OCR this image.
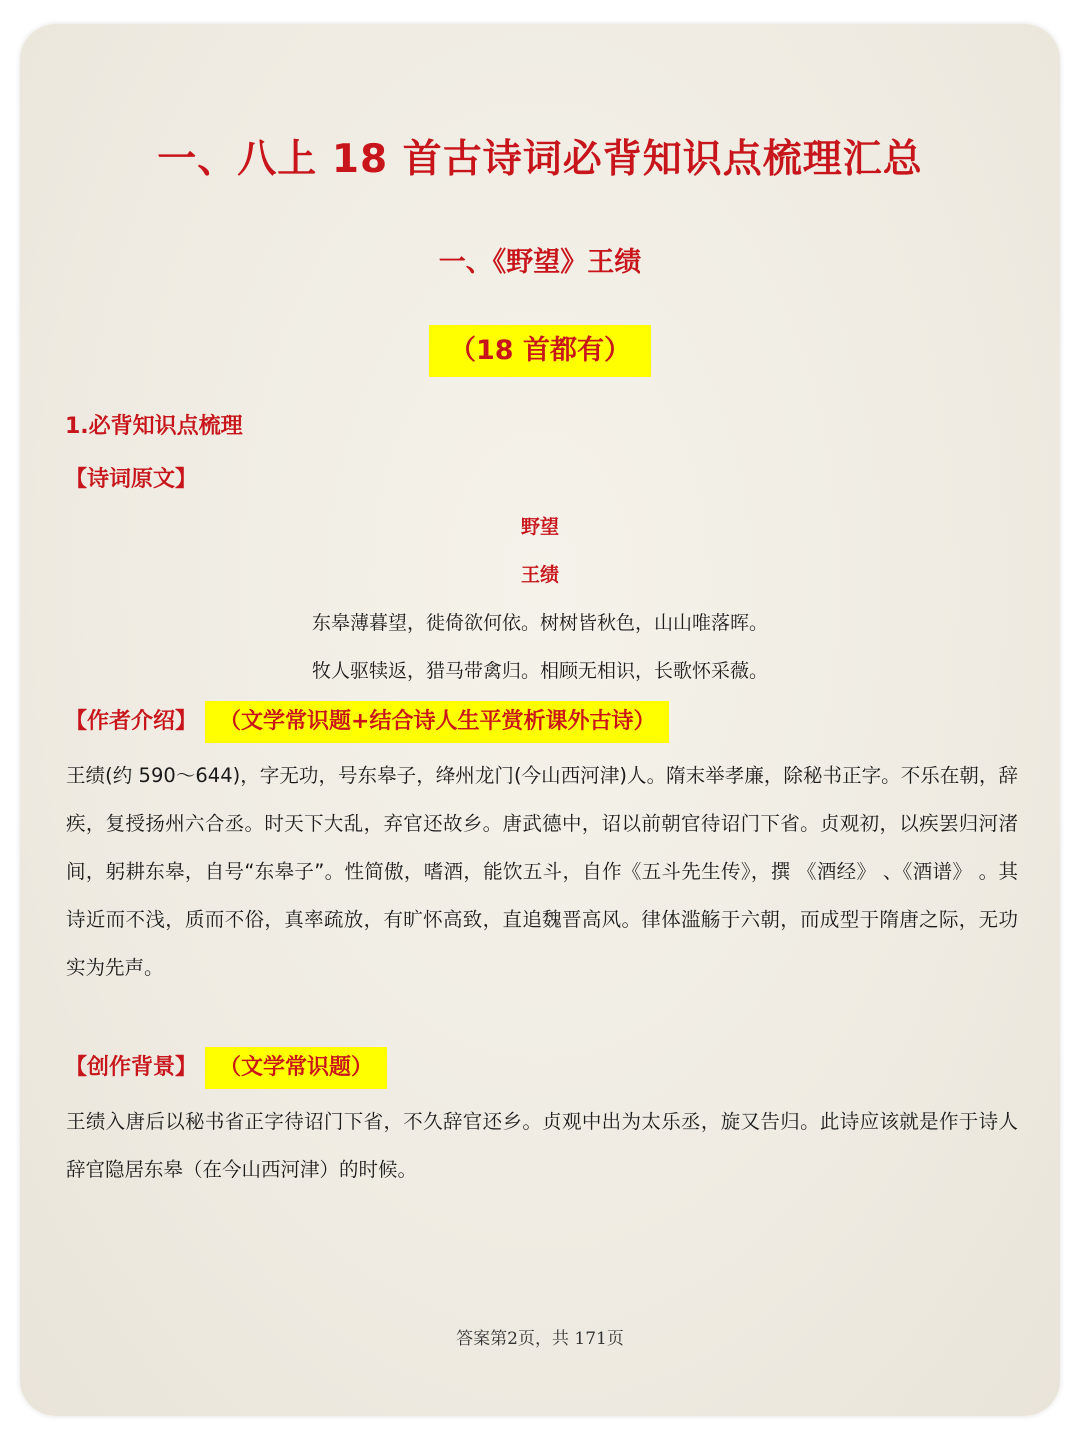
一、八上 18 首古诗词必背知识点梳理汇总
一、《野望》王绩
（18 首都有）
1.必背知识点梳理
【诗词原文】
野望
王绩
东皋薄暮望，徙倚欲何依。树树皆秋色，山山唯落晖。
牧人驱犊返，猎马带禽归。相顾无相识，长歌怀采薇。
【作者介绍】 （文学常识题+结合诗人生平赏析课外古诗）
王绩(约 590～644)，字无功，号东皋子，绛州龙门(今山西河津)人。隋末举孝廉，除秘书正字。不乐在朝，辞疾，复授扬州六合丞。时天下大乱，弃官还故乡。唐武德中，诏以前朝官待诏门下省。贞观初，以疾罢归河渚间，躬耕东皋，自号“东皋子”。性简傲，嗜酒，能饮五斗，自作《五斗先生传》，撰 《酒经》 、《酒谱》 。其诗近而不浅，质而不俗，真率疏放，有旷怀高致，直追魏晋高风。律体滥觞于六朝，而成型于隋唐之际，无功实为先声。
【创作背景】 （文学常识题）
王绩入唐后以秘书省正字待诏门下省，不久辞官还乡。贞观中出为太乐丞，旋又告归。此诗应该就是作于诗人辞官隐居东皋（在今山西河津）的时候。
答案第2页，共 171页
